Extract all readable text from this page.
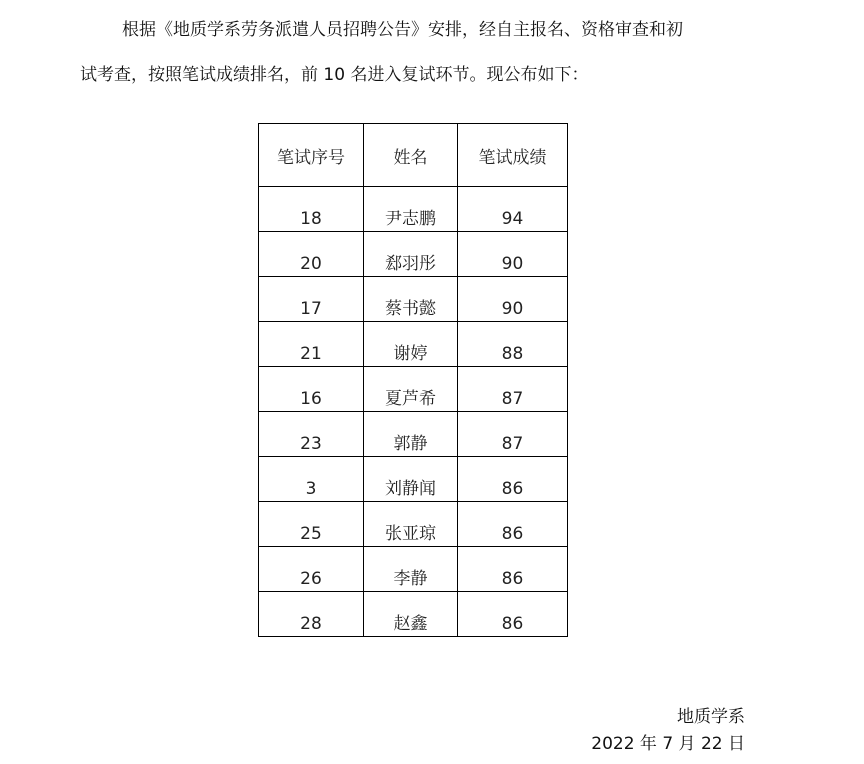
根据《地质学系劳务派遣人员招聘公告》安排，经自主报名、资格审查和初
试考查，按照笔试成绩排名，前 10 名进入复试环节。现公布如下：
笔试序号	姓名	笔试成绩
18	尹志鹏	94
20	郄羽彤	90
17	蔡书懿	90
21	谢婷	88
16	夏芦希	87
23	郭静	87
3	刘静闻	86
25	张亚琼	86
26	李静	86
28	赵鑫	86
地质学系
2022 年 7 月 22 日
